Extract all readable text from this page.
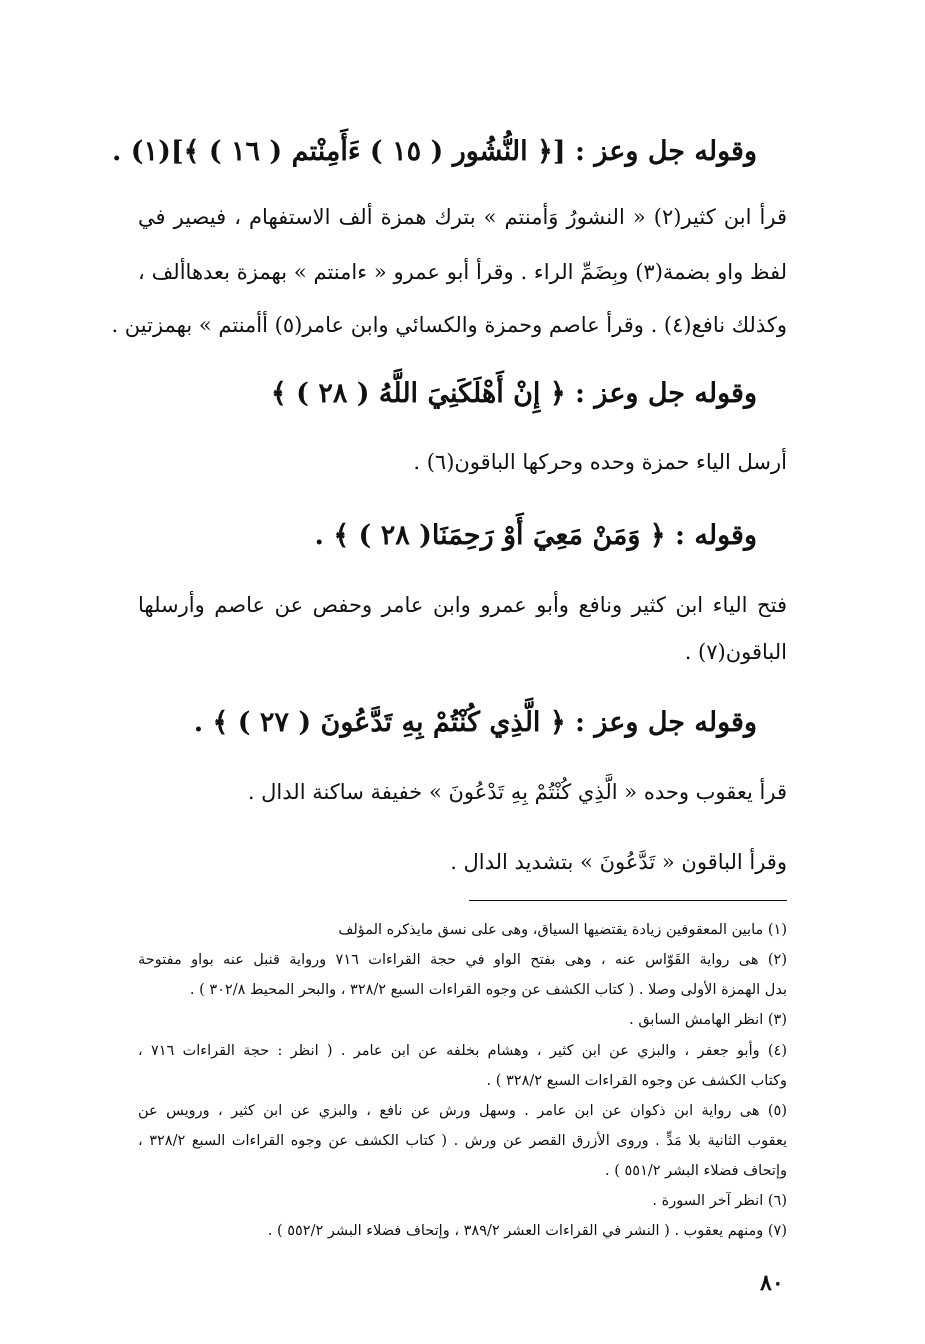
وقوله جل وعز : [﴿ النُّشُور ( ١٥ ) ءَأَمِنْتم ( ١٦ ) ﴾](١) .
قرأ ابن كثير(٢) « النشورُ وَأمنتم » بترك همزة ألف الاستفهام ، فيصير في
لفظ واو بضمة(٣) وبِضَمِّ الراء . وقرأ أبو عمرو « ءامنتم » بهمزة بعدهاألف ،
وكذلك نافع(٤) . وقرأ عاصم وحمزة والكسائي وابن عامر(٥) أأمنتم » بهمزتين .
وقوله جل وعز : ﴿ إِنْ أَهْلَكَنِيَ اللَّهُ ( ٢٨ ) ﴾
أرسل الياء حمزة وحده وحركها الباقون(٦) .
وقوله : ﴿ وَمَنْ مَعِيَ أَوْ رَحِمَنَا( ٢٨ ) ﴾ .
فتح الياء ابن كثير ونافع وأبو عمرو وابن عامر وحفص عن عاصم وأرسلها
الباقون(٧) .
وقوله جل وعز : ﴿ الَّذِي كُنْتُمْ بِهِ تَدَّعُونَ ( ٢٧ ) ﴾ .
قرأ يعقوب وحده « الَّذِي كُنْتُمْ بِهِ تَدْعُونَ » خفيفة ساكنة الدال .
وقرأ الباقون « تَدَّعُونَ » بتشديد الدال .
(١) مابين المعقوفين زيادة يقتضيها السياق، وهى على نسق مايذكره المؤلف
(٢) هى رواية القَوّاس عنه ، وهى بفتح الواو في حجة القراءات ٧١٦ ورواية قنبل عنه بواو مفتوحة
بدل الهمزة الأولى وصلا . ( كتاب الكشف عن وجوه القراءات السبع ٣٢٨/٢ ، والبحر المحيط ٣٠٢/٨ ) .
(٣) انظر الهامش السابق .
(٤) وأبو جعفر ، والبزي عن ابن كثير ، وهشام بخلفه عن ابن عامر . ( انظر : حجة القراءات ٧١٦ ،
وكتاب الكشف عن وجوه القراءات السبع ٣٢٨/٢ ) .
(٥) هى رواية ابن ذكوان عن ابن عامر . وسهل ورش عن نافع ، والبزي عن ابن كثير ، ورويس عن
يعقوب الثانية بلا مَدٍّ . وروى الأزرق القصر عن ورش . ( كتاب الكشف عن وجوه القراءات السبع ٣٢٨/٢ ،
وإتحاف فضلاء البشر ٥٥١/٢ ) .
(٦) انظر آخر السورة .
(٧) ومنهم يعقوب . ( النشر في القراءات العشر ٣٨٩/٢ ، وإتحاف فضلاء البشر ٥٥٢/٢ ) .
٨٠
